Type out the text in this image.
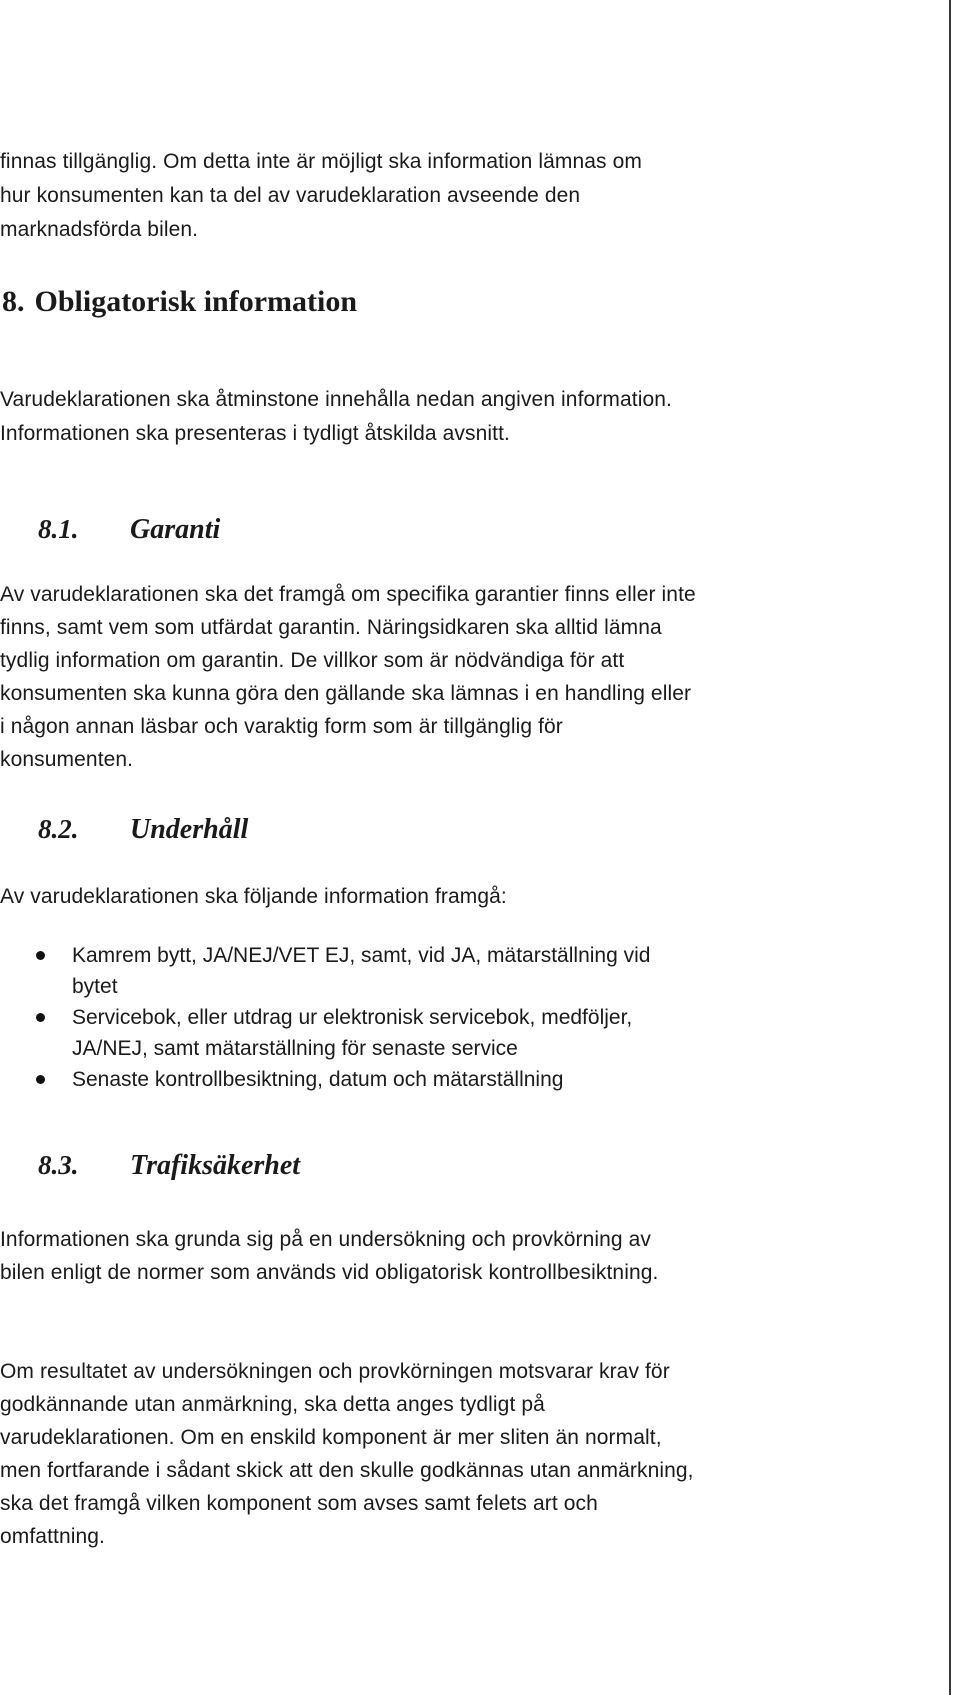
finnas tillgänglig. Om detta inte är möjligt ska information lämnas om hur konsumenten kan ta del av varudeklaration avseende den marknadsförda bilen.

8. Obligatorisk information

Varudeklarationen ska åtminstone innehålla nedan angiven information. Informationen ska presenteras i tydligt åtskilda avsnitt.

8.1. Garanti

Av varudeklarationen ska det framgå om specifika garantier finns eller inte finns, samt vem som utfärdat garantin. Näringsidkaren ska alltid lämna tydlig information om garantin. De villkor som är nödvändiga för att konsumenten ska kunna göra den gällande ska lämnas i en handling eller i någon annan läsbar och varaktig form som är tillgänglig för konsumenten.

8.2. Underhåll

Av varudeklarationen ska följande information framgå:

Kamrem bytt, JA/NEJ/VET EJ, samt, vid JA, mätarställning vid bytet
Servicebok, eller utdrag ur elektronisk servicebok, medföljer, JA/NEJ, samt mätarställning för senaste service
Senaste kontrollbesiktning, datum och mätarställning
8.3. Trafiksäkerhet

Informationen ska grunda sig på en undersökning och provkörning av bilen enligt de normer som används vid obligatorisk kontrollbesiktning.

Om resultatet av undersökningen och provkörningen motsvarar krav för godkännande utan anmärkning, ska detta anges tydligt på varudeklarationen. Om en enskild komponent är mer sliten än normalt, men fortfarande i sådant skick att den skulle godkännas utan anmärkning, ska det framgå vilken komponent som avses samt felets art och omfattning.
